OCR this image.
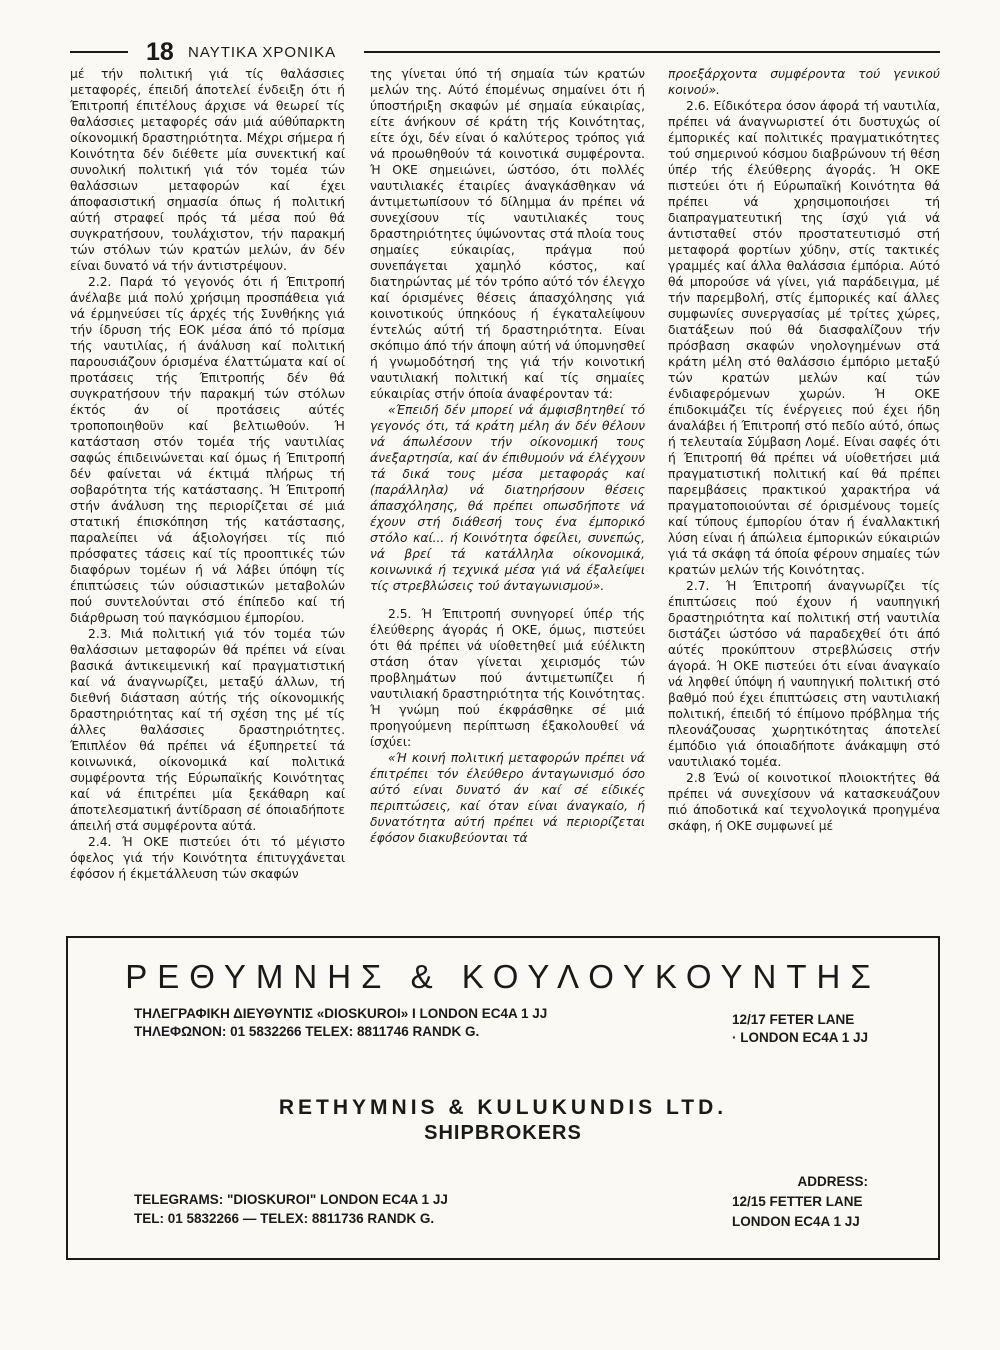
18 ΝΑΥΤΙΚΑ ΧΡΟΝΙΚΑ

μέ τήν πολιτική γιά τίς θαλάσσιες μεταφορές, έπειδή άποτελεί ένδειξη ότι ή Έπιτροπή έπιτέλους άρχισε νά θεωρεί τίς θαλάσσιες μεταφορές σάν μιά αύθύπαρκτη οίκονομική δραστηριότητα. Μέχρι σήμερα ή Κοινότητα δέν διέθετε μία συνεκτική καί συνολική πολιτική γιά τόν τομέα τών θαλάσσιων μεταφορών καί έχει άποφασιστική σημασία όπως ή πολιτική αύτή στραφεί πρός τά μέσα πού θά συγκρατήσουν, τουλάχιστον, τήν παρακμή τών στόλων τών κρατών μελών, άν δέν είναι δυνατό νά τήν άντιστρέψουν.

2.2. Παρά τό γεγονός ότι ή Έπιτροπή άνέλαβε μιά πολύ χρήσιμη προσπάθεια γιά νά έρμηνεύσει τίς άρχές τής Συνθήκης γιά τήν ίδρυση τής ΕΟΚ μέσα άπό τό πρίσμα τής ναυτιλίας, ή άνάλυση καί πολιτική παρουσιάζουν όρισμένα έλαττώματα καί οί προτάσεις τής Έπιτροπής δέν θά συγκρατήσουν τήν παρακμή τών στόλων έκτός άν οί προτάσεις αύτές τροποποιηθοϋν καί βελτιωθούν. Ή κατάσταση στόν τομέα τής ναυτιλίας σαφώς έπιδεινώνεται καί όμως ή Έπιτροπή δέν φαίνεται νά έκτιμά πλήρως τή σοβαρότητα τής κατάστασης. Ή Έπιτροπή στήν άνάλυση της περιορίζεται σέ μιά στατική έπισκόπηση τής κατάστασης, παραλείπει νά άξιολογήσει τίς πιό πρόσφατες τάσεις καί τίς προοπτικές τών διαφόρων τομέων ή νά λάβει ύπόψη τίς έπιπτώσεις τών ούσιαστικών μεταβολών πού συντελούνται στό έπίπεδο καί τή διάρθρωση τού παγκόσμιου έμπορίου.

2.3. Μιά πολιτική γιά τόν τομέα τών θαλάσσιων μεταφορών θά πρέπει νά είναι βασικά άντικειμενική καί πραγματιστική καί νά άναγνωρίζει, μεταξύ άλλων, τή διεθνή διάσταση αύτής τής οίκονομικής δραστηριότητας καί τή σχέση της μέ τίς άλλες θαλάσσιες δραστηριότητες. Έπιπλέον θά πρέπει νά έξυπηρετεί τά κοινωνικά, οίκονομικά καί πολιτικά συμφέροντα τής Εύρωπαϊκής Κοινότητας καί νά έπιτρέπει μία ξεκάθαρη καί άποτελεσματική άντίδραση σέ όποιαδήποτε άπειλή στά συμφέροντα αύτά.

2.4. Ή ΟΚΕ πιστεύει ότι τό μέγιστο όφελος γιά τήν Κοινότητα έπιτυγχάνεται έφόσον ή έκμετάλλευση τών σκαφών

της γίνεται ύπό τή σημαία τών κρατών μελών της. Αύτό έπομένως σημαίνει ότι ή ύποστήριξη σκαφών μέ σημαία εύκαιρίας, είτε άνήκουν σέ κράτη τής Κοινότητας, είτε όχι, δέν είναι ό καλύτερος τρόπος γιά νά προωθηθούν τά κοινοτικά συμφέροντα. Ή ΟΚΕ σημειώνει, ώστόσο, ότι πολλές ναυτιλιακές έταιρίες άναγκάσθηκαν νά άντιμετωπίσουν τό δίλημμα άν πρέπει νά συνεχίσουν τίς ναυτιλιακές τους δραστηριότητες ύψώνοντας στά πλοία τους σημαίες εύκαιρίας, πράγμα πού συνεπάγεται χαμηλό κόστος, καί διατηρώντας μέ τόν τρόπο αύτό τόν έλεγχο καί όρισμένες θέσεις άπασχόλησης γιά κοινοτικούς ύπηκόους ή έγκαταλείψουν έντελώς αύτή τή δραστηριότητα. Είναι σκόπιμο άπό τήν άποψη αύτή νά ύπομνησθεί ή γνωμοδότησή της γιά τήν κοινοτική ναυτιλιακή πολιτική καί τίς σημαίες εύκαιρίας στήν όποία άναφέρονταν τά:

«Έπειδή δέν μπορεί νά άμφισβητηθεί τό γεγονός ότι, τά κράτη μέλη άν δέν θέλουν νά άπωλέσουν τήν οίκονομική τους άνεξαρτησία, καί άν έπιθυμούν νά έλέγχουν τά δικά τους μέσα μεταφοράς καί (παράλληλα) νά διατηρήσουν θέσεις άπασχόλησης, θά πρέπει οπωσδήποτε νά έχουν στή διάθεσή τους ένα έμπορικό στόλο καί... ή Κοινότητα όφείλει, συνεπώς, νά βρεί τά κατάλληλα οίκονομικά, κοινωνικά ή τεχνικά μέσα γιά νά έξαλείψει τίς στρεβλώσεις τού άνταγωνισμού».

2.5. Ή Έπιτροπή συνηγορεί ύπέρ τής έλεύθερης άγοράς ή ΟΚΕ, όμως, πιστεύει ότι θά πρέπει νά υίοθετηθεί μιά εύέλικτη στάση όταν γίνεται χειρισμός τών προβλημάτων πού άντιμετωπίζει ή ναυτιλιακή δραστηριότητα τής Κοινότητας. Ή γνώμη πού έκφράσθηκε σέ μιά προηγούμενη περίπτωση έξακολουθεί νά ίσχύει:

«Ή κοινή πολιτική μεταφορών πρέπει νά έπιτρέπει τόν έλεύθερο άνταγωνισμό όσο αύτό είναι δυνατό άν καί σέ είδικές περιπτώσεις, καί όταν είναι άναγκαίο, ή δυνατότητα αύτή πρέπει νά περιορίζεται έφόσον διακυβεύονται τά

προεξάρχοντα συμφέροντα τού γενικού κοινού».

2.6. Είδικότερα όσον άφορά τή ναυτιλία, πρέπει νά άναγνωριστεί ότι δυστυχώς οί έμπορικές καί πολιτικές πραγματικότητες τού σημερινού κόσμου διαβρώνουν τή θέση ύπέρ τής έλεύθερης άγοράς. Ή ΟΚΕ πιστεύει ότι ή Εύρωπαϊκή Κοινότητα θά πρέπει νά χρησιμοποιήσει τή διαπραγματευτική της ίσχύ γιά νά άντισταθεί στόν προστατευτισμό στή μεταφορά φορτίων χύδην, στίς τακτικές γραμμές καί άλλα θαλάσσια έμπόρια. Αύτό θά μπορούσε νά γίνει, γιά παράδειγμα, μέ τήν παρεμβολή, στίς έμπορικές καί άλλες συμφωνίες συνεργασίας μέ τρίτες χώρες, διατάξεων πού θά διασφαλίζουν τήν πρόσβαση σκαφών νηολογημένων στά κράτη μέλη στό θαλάσσιο έμπόριο μεταξύ τών κρατών μελών καί τών ένδιαφερόμενων χωρών. Ή ΟΚΕ έπιδοκιμάζει τίς ένέργειες πού έχει ήδη άναλάβει ή Έπιτροπή στό πεδίο αύτό, όπως ή τελευταία Σύμβαση Λομέ. Είναι σαφές ότι ή Έπιτροπή θά πρέπει νά υίοθετήσει μιά πραγματιστική πολιτική καί θά πρέπει παρεμβάσεις πρακτικού χαρακτήρα νά πραγματοποιούνται σέ όρισμένους τομείς καί τύπους έμπορίου όταν ή έναλλακτική λύση είναι ή άπώλεια έμπορικών εύκαιριών γιά τά σκάφη τά όποία φέρουν σημαίες τών κρατών μελών τής Κοινότητας.

2.7. Ή Έπιτροπή άναγνωρίζει τίς έπιπτώσεις πού έχουν ή ναυπηγική δραστηριότητα καί πολιτική στή ναυτιλία διστάζει ώστόσο νά παραδεχθεί ότι άπό αύτές προκύπτουν στρεβλώσεις στήν άγορά. Ή ΟΚΕ πιστεύει ότι είναι άναγκαίο νά ληφθεί ύπόψη ή ναυπηγική πολιτική στό βαθμό πού έχει έπιπτώσεις στη ναυτιλιακή πολιτική, έπειδή τό έπίμονο πρόβλημα τής πλεονάζουσας χωρητικότητας άποτελεί έμπόδιο γιά όποιαδήποτε άνάκαμψη στό ναυτιλιακό τομέα.

2.8 Ένώ οί κοινοτικοί πλοιοκτήτες θά πρέπει νά συνεχίσουν νά κατασκευάζουν πιό άποδοτικά καί τεχνολογικά προηγμένα σκάφη, ή ΟΚΕ συμφωνεί μέ

ΡΕΘΥΜΝΗΣ & ΚΟΥΛΟΥΚΟΥΝΤΗΣ
ΤΗΛΕΓΡΑΦΙΚΗ ΔΙΕΥΘΥΝΤΙΣ «DIOSKUROI» I LONDON EC4A 1 JJ
ΤΗΛΕΦΩΝΟΝ: 01 5832266 TELEX: 8811746 RANDK G.
12/17 FETER LANE
· LONDON EC4A 1 JJ
RETHYMNIS & KULUKUNDIS LTD.
SHIPBROKERS
ADDRESS:
TELEGRAMS: "DIOSKUROI" LONDON EC4A 1 JJ
TEL: 01 5832266 — TELEX: 8811736 RANDK G.
12/15 FETTER LANE
LONDON EC4A 1 JJ
